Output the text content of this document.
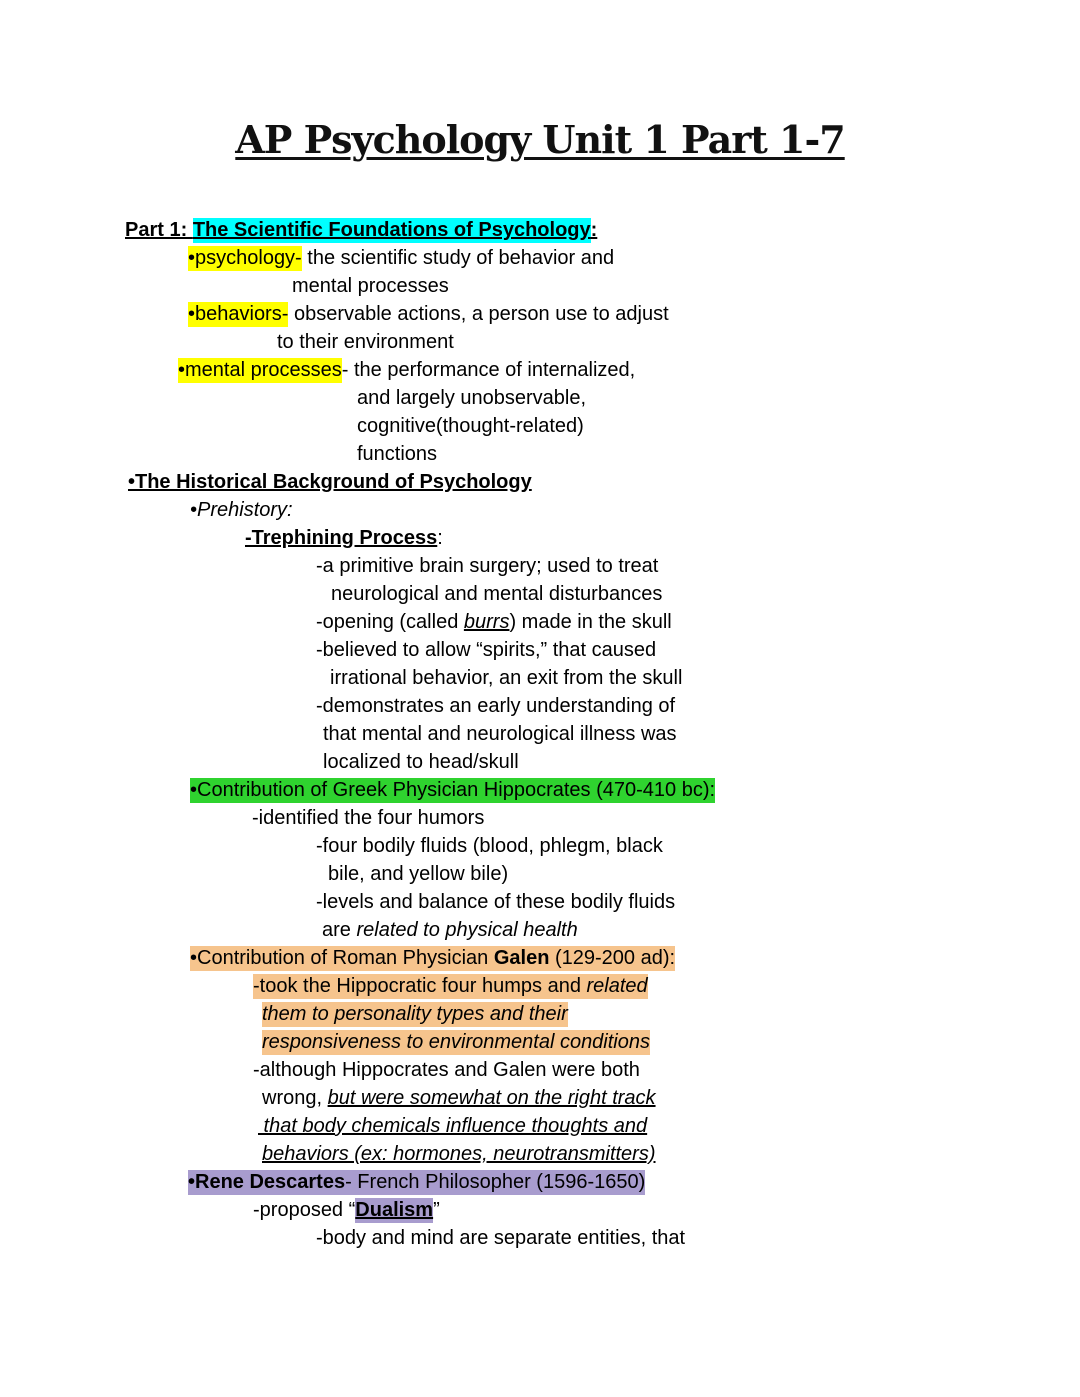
AP Psychology Unit 1 Part 1-7
Part 1: The Scientific Foundations of Psychology:
•psychology- the scientific study of behavior and
mental processes
•behaviors- observable actions, a person use to adjust
to their environment
•mental processes- the performance of internalized,
and largely unobservable,
cognitive(thought-related)
functions
•The Historical Background of Psychology
•Prehistory:
-Trephining Process:
-a primitive brain surgery; used to treat
neurological and mental disturbances
-opening (called burrs) made in the skull
-believed to allow “spirits,” that caused
irrational behavior, an exit from the skull
-demonstrates an early understanding of
that mental and neurological illness was
localized to head/skull
•Contribution of Greek Physician Hippocrates (470-410 bc):
-identified the four humors
-four bodily fluids (blood, phlegm, black
bile, and yellow bile)
-levels and balance of these bodily fluids
are related to physical health
•Contribution of Roman Physician Galen (129-200 ad):
-took the Hippocratic four humps and related
them to personality types and their
responsiveness to environmental conditions
-although Hippocrates and Galen were both
wrong, but were somewhat on the right track
that body chemicals influence thoughts and
behaviors (ex: hormones, neurotransmitters)
•Rene Descartes- French Philosopher (1596-1650)
-proposed “Dualism”
-body and mind are separate entities, that
